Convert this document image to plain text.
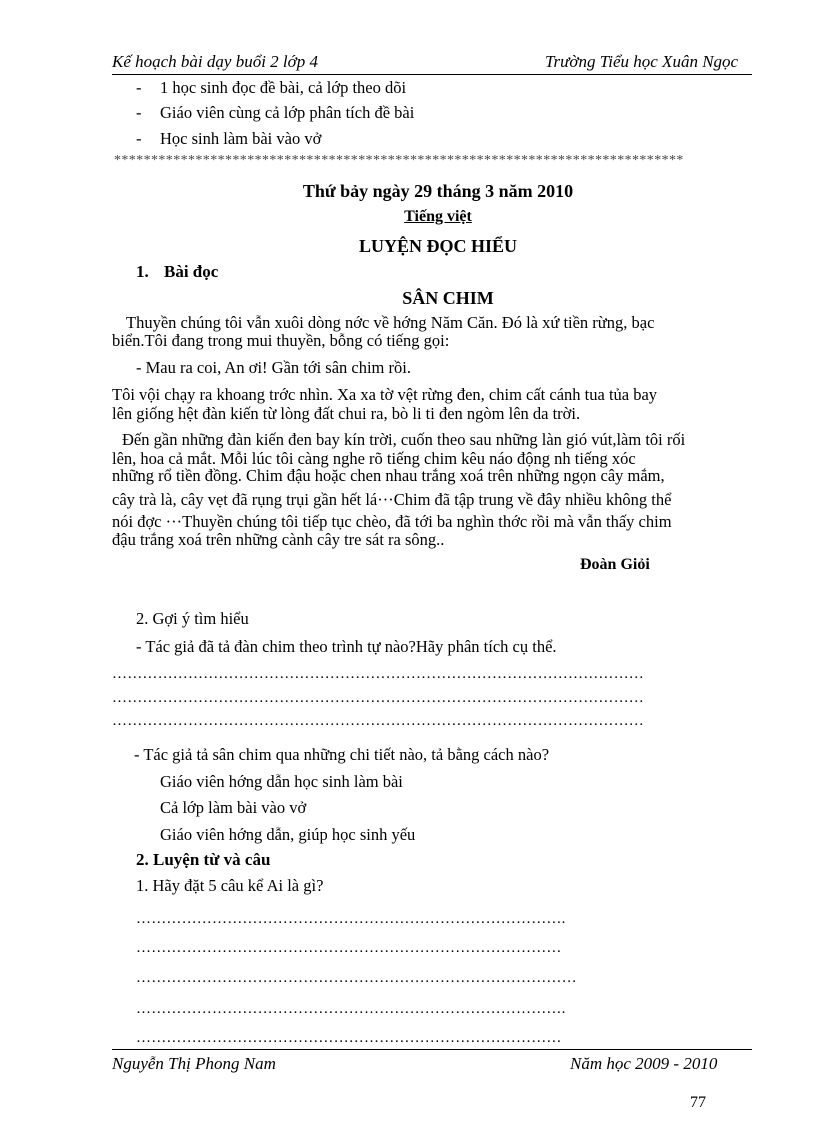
Kế hoạch bài dạy buổi 2 lớp 4	Trường Tiểu học Xuân Ngọc
- 1 học sinh đọc đề bài, cả lớp theo dõi
- Giáo viên cùng cả lớp phân tích đề bài
- Học sinh làm bài vào vở
*****************************************************************************
Thứ bảy ngày 29 tháng 3 năm 2010
Tiếng việt
LUYỆN ĐỌC HIỂU
1. Bài đọc
SÂN CHIM
Thuyền chúng tôi vẫn xuôi dòng nớc về hớng Năm Căn. Đó là xứ tiền rừng, bạc
biển.Tôi đang trong mui thuyền, bỗng có tiếng gọi:
- Mau ra coi, An ơi! Gần tới sân chim rồi.
Tôi vội chạy ra khoang trớc nhìn. Xa xa tờ vệt rừng đen, chim cất cánh tua tủa bay
lên giống hệt đàn kiến từ lòng đất chui ra, bò li ti đen ngòm lên da trời.
Đến gần những đàn kiến đen bay kín trời, cuốn theo sau những làn gió vút,làm tôi rối
lên, hoa cả mắt. Mỗi lúc tôi càng nghe rõ tiếng chim kêu náo động nh tiếng xóc
những rổ tiền đồng. Chim đậu hoặc chen nhau trắng xoá trên những ngọn cây mắm,
cây trà là, cây vẹt đã rụng trụi gần hết lá···Chim đã tập trung về đây nhiều không thể
nói đợc ···Thuyền chúng tôi tiếp tục chèo, đã tới ba nghìn thớc rồi mà vẫn thấy chim
đậu trắng xoá trên những cành cây tre sát ra sông..
Đoàn Giỏi
2. Gợi ý tìm hiểu
- Tác giả đã tả đàn chim theo trình tự nào?Hãy phân tích cụ thể.
……………………………………………………………………………………………
……………………………………………………………………………………………
……………………………………………………………………………………………
- Tác giả tả sân chim qua những chi tiết nào, tả bằng cách nào?
Giáo viên hớng dẫn học sinh làm bài
Cả lớp làm bài vào vở
Giáo viên hớng dẫn, giúp học sinh yếu
2. Luyện từ và câu
1. Hãy đặt 5 câu kể Ai là gì?
………………………………………………………………………….
…………………………………………………………………………
……………………………………………………………………………
………………………………………………………………………….
…………………………………………………………………………
Nguyễn Thị Phong Nam	Năm học 2009 - 2010
77
